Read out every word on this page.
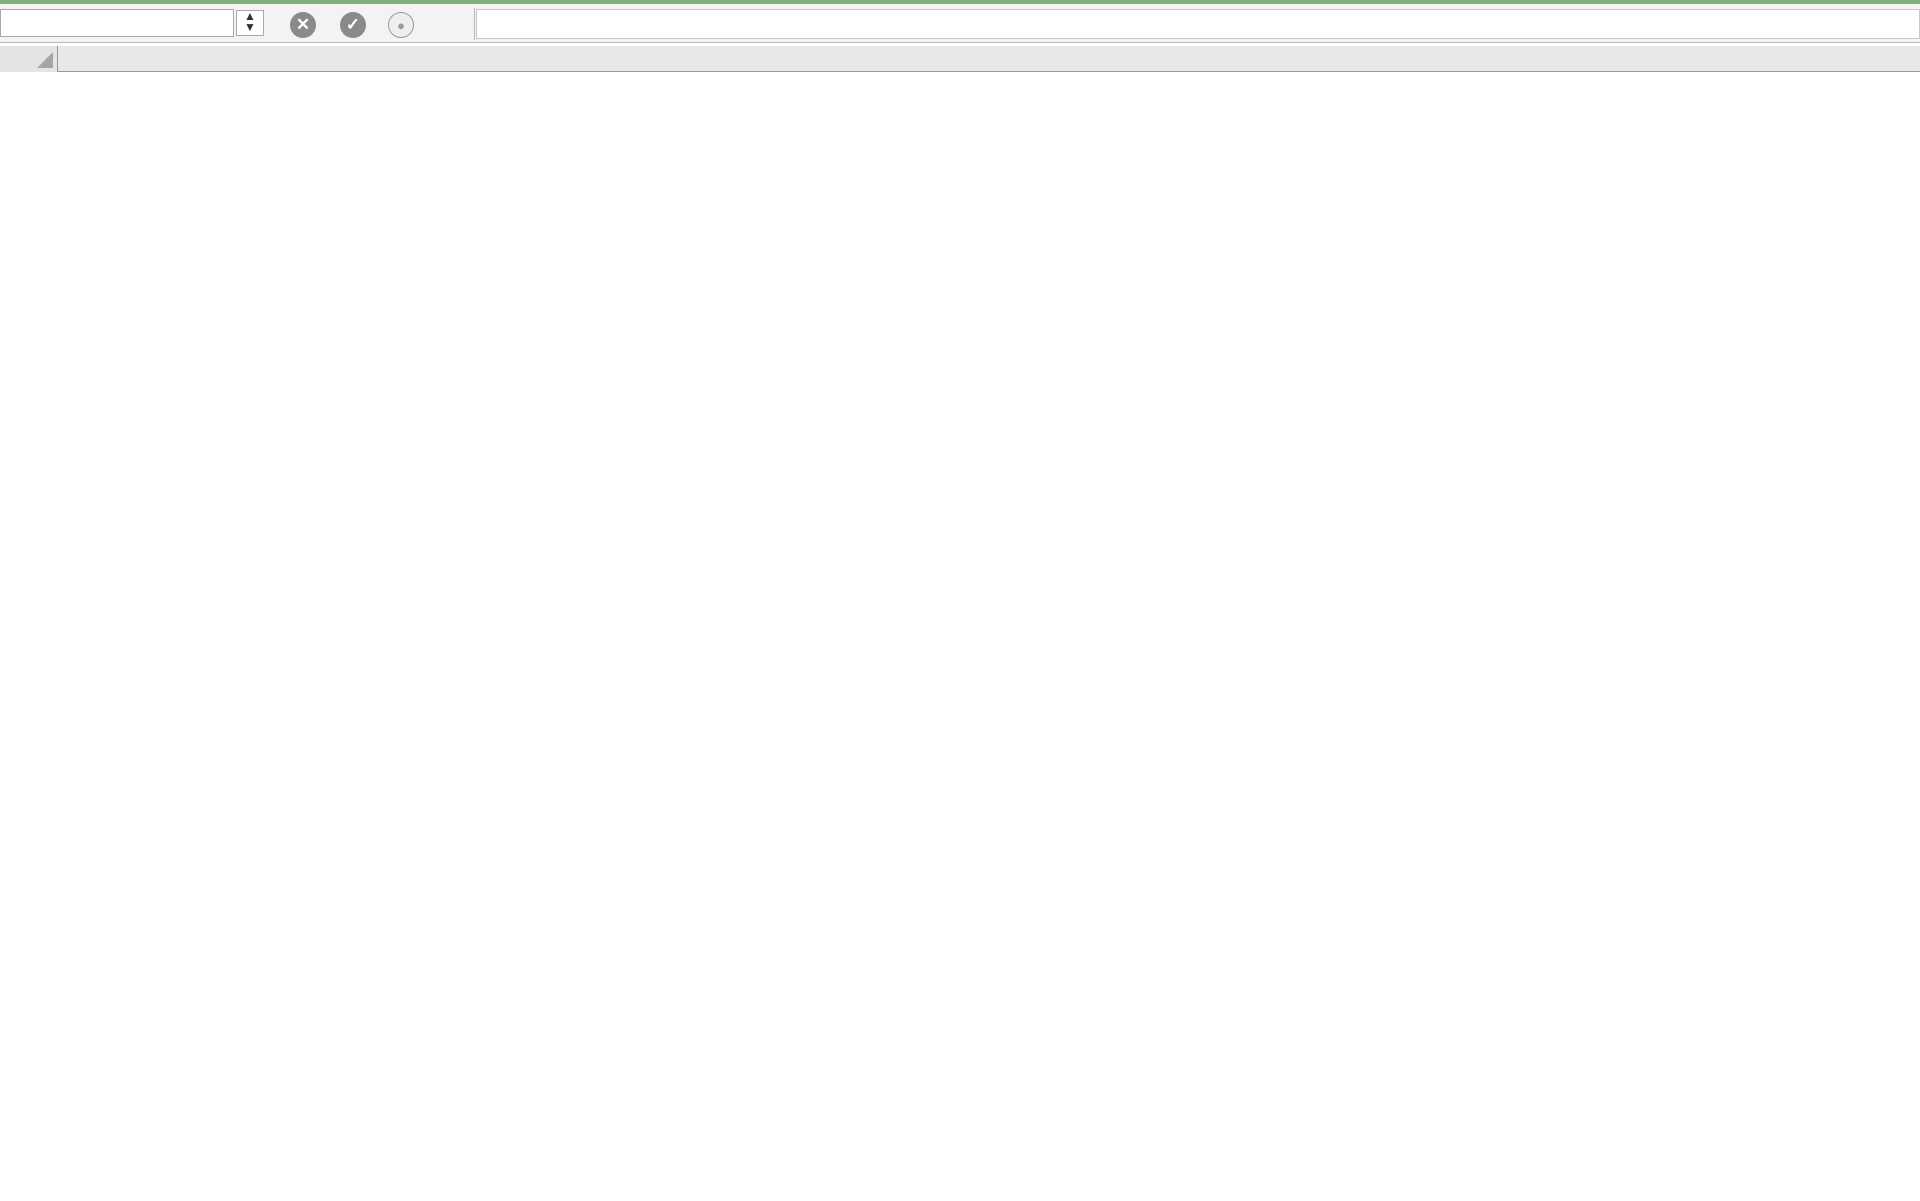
▲
▼	✕	✓	●
